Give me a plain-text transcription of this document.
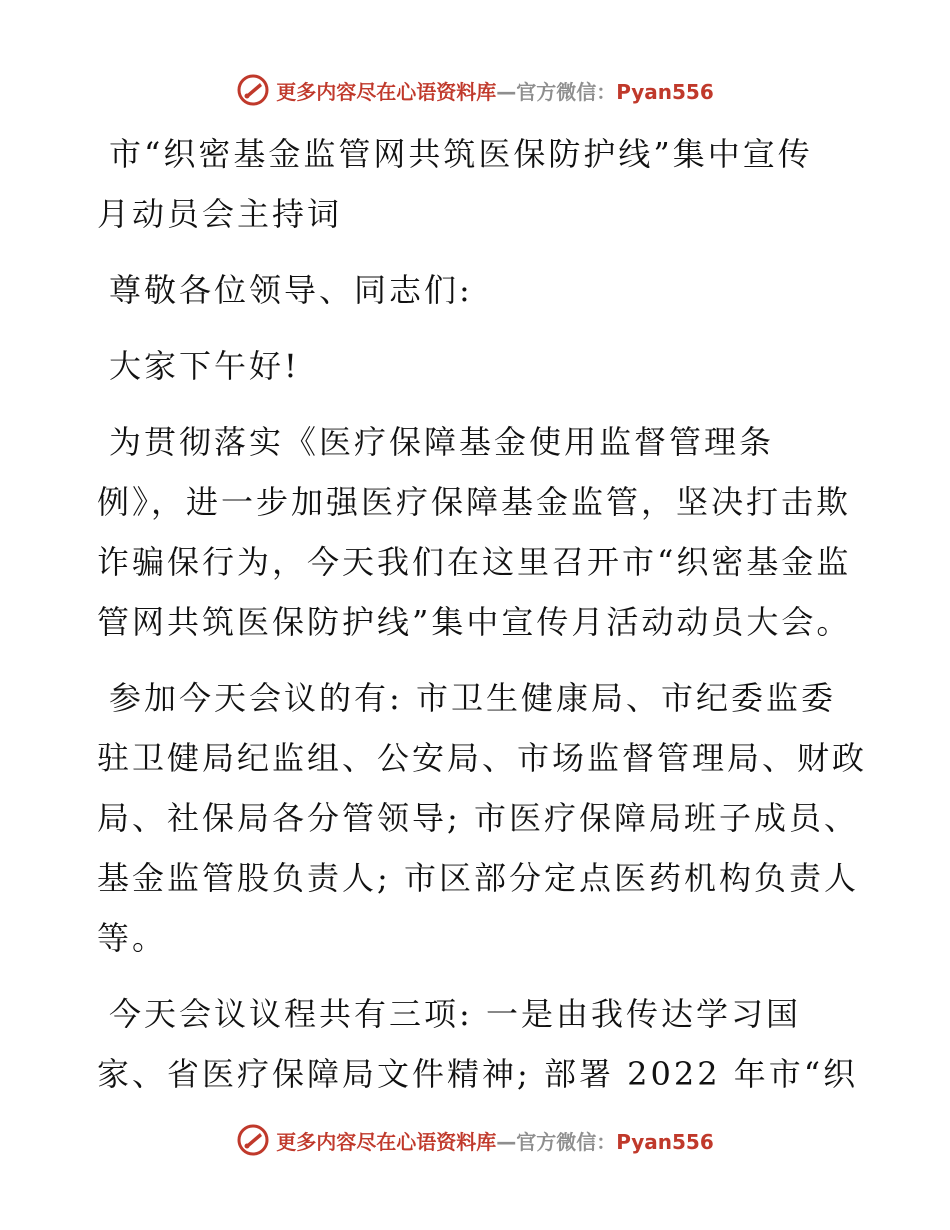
更多内容尽在心语资料库—官方微信：Pyan556

市“织密基金监管网共筑医保防护线”集中宣传

月动员会主持词

尊敬各位领导、同志们:

大家下午好!

为贯彻落实《医疗保障基金使用监督管理条

例》，进一步加强医疗保障基金监管，坚决打击欺

诈骗保行为，今天我们在这里召开市“织密基金监

管网共筑医保防护线”集中宣传月活动动员大会。

参加今天会议的有: 市卫生健康局、市纪委监委

驻卫健局纪监组、公安局、市场监督管理局、财政

局、社保局各分管领导; 市医疗保障局班子成员、

基金监管股负责人; 市区部分定点医药机构负责人

等。

今天会议议程共有三项: 一是由我传达学习国

家、省医疗保障局文件精神; 部署 2022 年市“织

更多内容尽在心语资料库—官方微信：Pyan556
